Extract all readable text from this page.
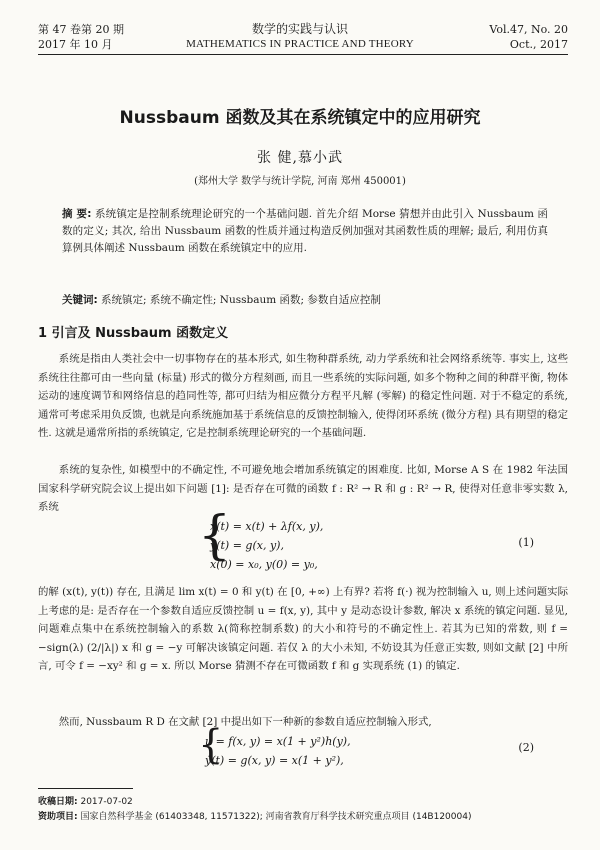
第 47 卷第 20 期
2017 年 10 月
数学的实践与认识
MATHEMATICS IN PRACTICE AND THEORY
Vol.47, No. 20
Oct., 2017
Nussbaum 函数及其在系统镇定中的应用研究
张 健,慕小武
(郑州大学 数学与统计学院, 河南 郑州 450001)
摘 要: 系统镇定是控制系统理论研究的一个基础问题. 首先介绍 Morse 猜想并由此引入 Nussbaum 函数的定义; 其次, 给出 Nussbaum 函数的性质并通过构造反例加强对其函数性质的理解; 最后, 利用仿真算例具体阐述 Nussbaum 函数在系统镇定中的应用.
关键词: 系统镇定; 系统不确定性; Nussbaum 函数; 参数自适应控制
1 引言及 Nussbaum 函数定义
系统是指由人类社会中一切事物存在的基本形式, 如生物种群系统, 动力学系统和社会网络系统等. 事实上, 这些系统往往都可由一些向量 (标量) 形式的微分方程刻画, 而且一些系统的实际问题, 如多个物种之间的种群平衡, 物体运动的速度调节和网络信息的趋同性等, 都可归结为相应微分方程平凡解 (零解) 的稳定性问题. 对于不稳定的系统, 通常可考虑采用负反馈, 也就是向系统施加基于系统信息的反馈控制输入, 使得闭环系统 (微分方程) 具有期望的稳定性. 这就是通常所指的系统镇定, 它是控制系统理论研究的一个基础问题.
系统的复杂性, 如模型中的不确定性, 不可避免地会增加系统镇定的困难度. 比如, Morse A S 在 1982 年法国国家科学研究院会议上提出如下问题 [1]: 是否存在可微的函数 f : R² → R 和 g : R² → R, 使得对任意非零实数 λ, 系统	{
ẋ(t) = x(t) + λf(x, y),
ẏ(t) = g(x, y),
x(0) = x₀, y(0) = y₀,
(1)
的解 (x(t), y(t)) 存在, 且满足 lim x(t) = 0 和 y(t) 在 [0, +∞) 上有界? 若将 f(·) 视为控制输入 u, 则上述问题实际上考虑的是: 是否存在一个参数自适应反馈控制 u = f(x, y), 其中 y 是动态设计参数, 解决 x 系统的镇定问题. 显见, 问题难点集中在系统控制输入的系数 λ(简称控制系数) 的大小和符号的不确定性上. 若其为已知的常数, 则 f = −sign(λ) (2/|λ|) x 和 g = −y 可解决该镇定问题. 若仅 λ 的大小未知, 不妨设其为任意正实数, 则如文献 [2] 中所言, 可令 f = −xy² 和 g = x. 所以 Morse 猜测不存在可微函数 f 和 g 实现系统 (1) 的镇定.
然而, Nussbaum R D 在文献 [2] 中提出如下一种新的参数自适应控制输入形式,
{
u = f(x, y) = x(1 + y²)h(y),
ẏ(t) = g(x, y) = x(1 + y²),
(2)
收稿日期: 2017-07-02
资助项目: 国家自然科学基金 (61403348, 11571322); 河南省教育厅科学技术研究重点项目 (14B120004)
